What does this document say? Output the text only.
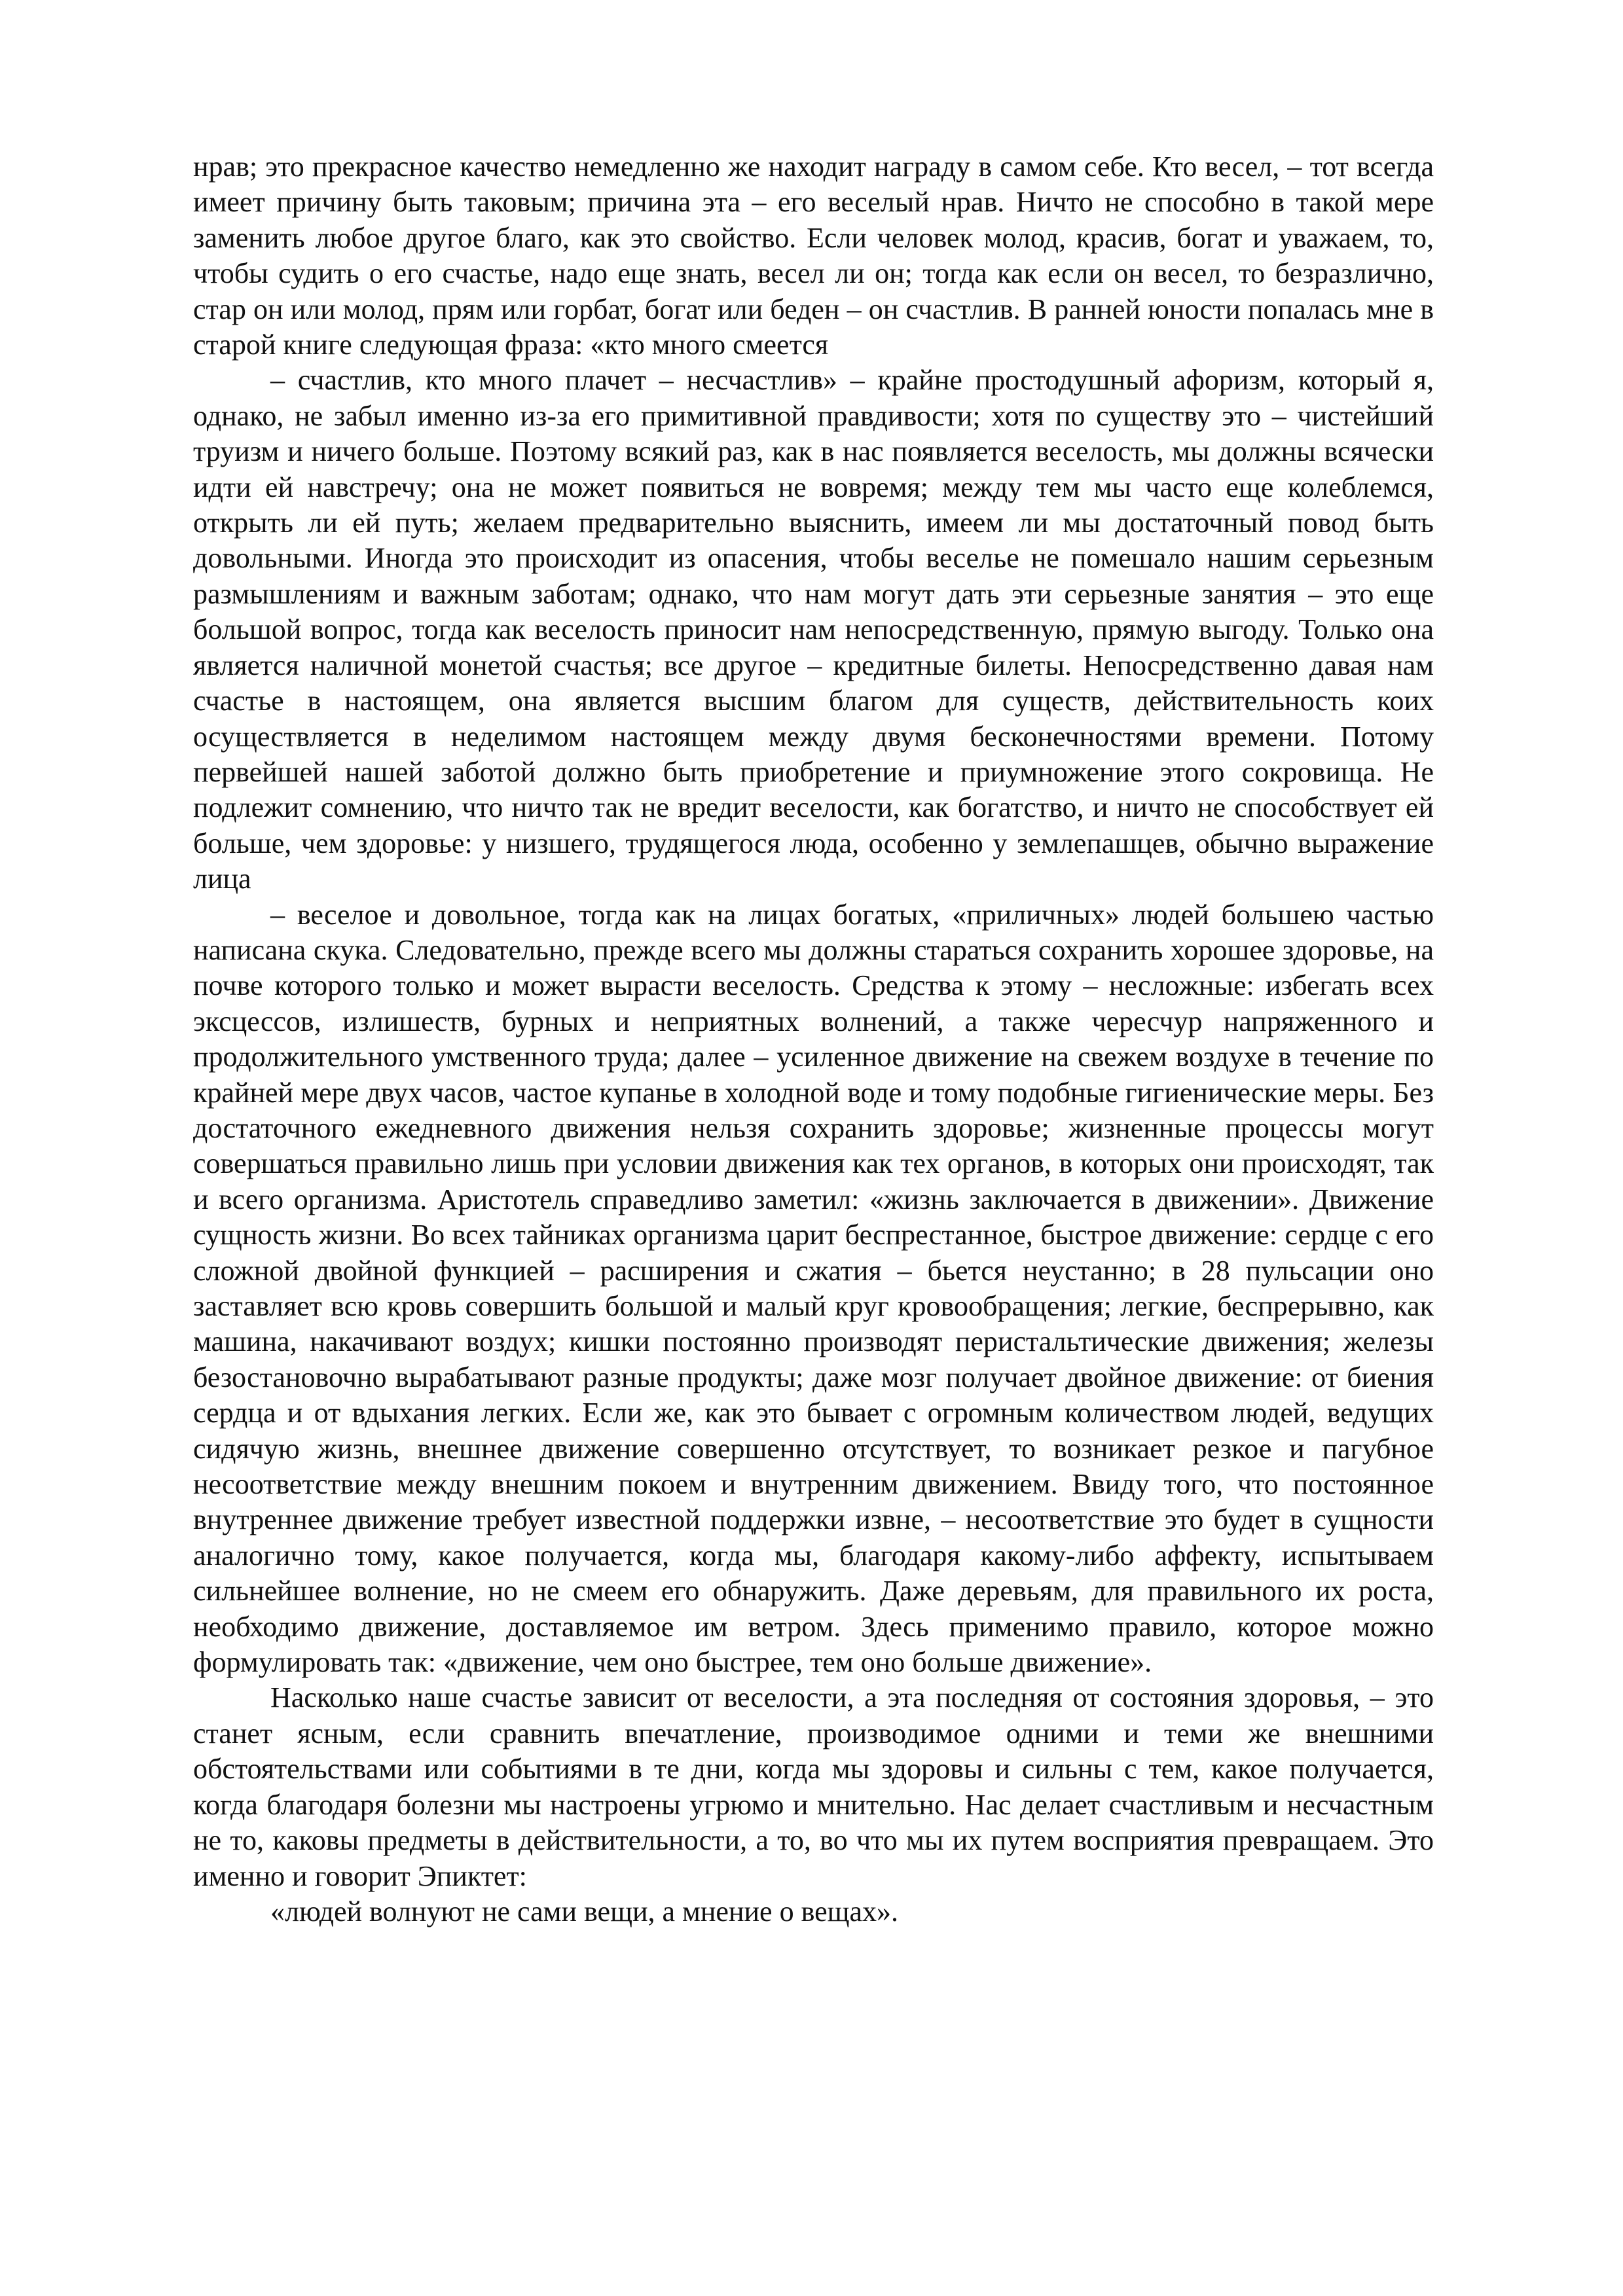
нрав; это прекрасное качество немедленно же находит награду в самом себе. Кто весел, – тот всегда имеет причину быть таковым; причина эта – его веселый нрав. Ничто не способно в такой мере заменить любое другое благо, как это свойство. Если человек молод, красив, богат и уважаем, то, чтобы судить о его счастье, надо еще знать, весел ли он; тогда как если он весел, то безразлично, стар он или молод, прям или горбат, богат или беден – он счастлив. В ранней юности попалась мне в старой книге следующая фраза: «кто много смеется

– счастлив, кто много плачет – несчастлив» – крайне простодушный афоризм, который я, однако, не забыл именно из-за его примитивной правдивости; хотя по существу это – чистейший труизм и ничего больше. Поэтому всякий раз, как в нас появляется веселость, мы должны всячески идти ей навстречу; она не может появиться не вовремя; между тем мы часто еще колеблемся, открыть ли ей путь; желаем предварительно выяснить, имеем ли мы достаточный повод быть довольными. Иногда это происходит из опасения, чтобы веселье не помешало нашим серьезным размышлениям и важным заботам; однако, что нам могут дать эти серьезные занятия – это еще большой вопрос, тогда как веселость приносит нам непосредственную, прямую выгоду. Только она является наличной монетой счастья; все другое – кредитные билеты. Непосредственно давая нам счастье в настоящем, она является высшим благом для существ, действительность коих осуществляется в неделимом настоящем между двумя бесконечностями времени. Потому первейшей нашей заботой должно быть приобретение и приумножение этого сокровища. Не подлежит сомнению, что ничто так не вредит веселости, как богатство, и ничто не способствует ей больше, чем здоровье: у низшего, трудящегося люда, особенно у землепашцев, обычно выражение лица

– веселое и довольное, тогда как на лицах богатых, «приличных» людей большею частью написана скука. Следовательно, прежде всего мы должны стараться сохранить хорошее здоровье, на почве которого только и может вырасти веселость. Средства к этому – несложные: избегать всех эксцессов, излишеств, бурных и неприятных волнений, а также чересчур напряженного и продолжительного умственного труда; далее – усиленное движение на свежем воздухе в течение по крайней мере двух часов, частое купанье в холодной воде и тому подобные гигиенические меры. Без достаточного ежедневного движения нельзя сохранить здоровье; жизненные процессы могут совершаться правильно лишь при условии движения как тех органов, в которых они происходят, так и всего организма. Аристотель справедливо заметил: «жизнь заключается в движении». Движение сущность жизни. Во всех тайниках организма царит беспрестанное, быстрое движение: сердце с его сложной двойной функцией – расширения и сжатия – бьется неустанно; в 28 пульсации оно заставляет всю кровь совершить большой и малый круг кровообращения; легкие, беспрерывно, как машина, накачивают воздух; кишки постоянно производят перистальтические движения; железы безостановочно вырабатывают разные продукты; даже мозг получает двойное движение: от биения сердца и от вдыхания легких. Если же, как это бывает с огромным количеством людей, ведущих сидячую жизнь, внешнее движение совершенно отсутствует, то возникает резкое и пагубное несоответствие между внешним покоем и внутренним движением. Ввиду того, что постоянное внутреннее движение требует известной поддержки извне, – несоответствие это будет в сущности аналогично тому, какое получается, когда мы, благодаря какому-либо аффекту, испытываем сильнейшее волнение, но не смеем его обнаружить. Даже деревьям, для правильного их роста, необходимо движение, доставляемое им ветром. Здесь применимо правило, которое можно формулировать так: «движение, чем оно быстрее, тем оно больше движение».

Насколько наше счастье зависит от веселости, а эта последняя от состояния здоровья, – это станет ясным, если сравнить впечатление, производимое одними и теми же внешними обстоятельствами или событиями в те дни, когда мы здоровы и сильны с тем, какое получается, когда благодаря болезни мы настроены угрюмо и мнительно. Нас делает счастливым и несчастным не то, каковы предметы в действительности, а то, во что мы их путем восприятия превращаем. Это именно и говорит Эпиктет:

«людей волнуют не сами вещи, а мнение о вещах».
